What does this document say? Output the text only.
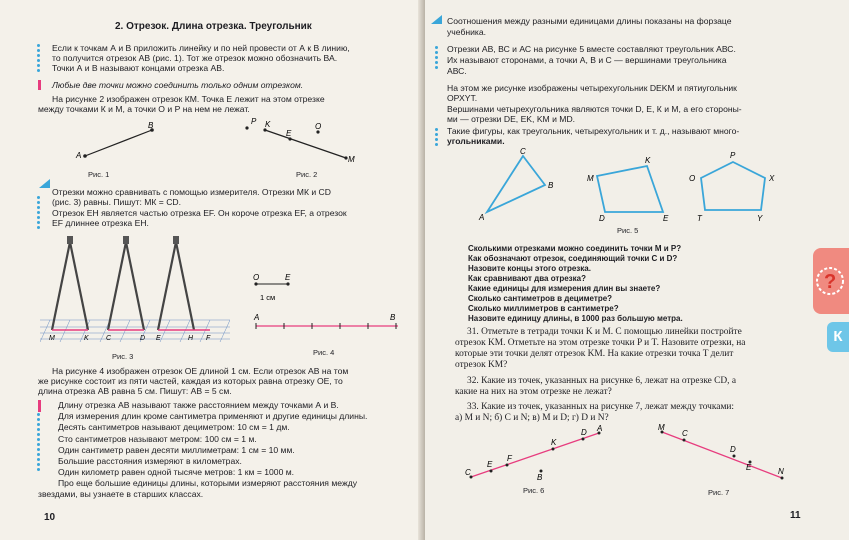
2. Отрезок. Длина отрезка. Треугольник
Если к точкам А и В приложить линейку и по ней провести от А к В линию,
то получится отрезок АВ (рис. 1). Тот же отрезок можно обозначить ВА.
Точки А и В называют концами отрезка АВ.
Любые две точки можно соединить только одним отрезком.
На рисунке 2 изображен отрезок КМ. Точка Е лежит на этом отрезке
между точками К и М, а точки О и Р на нем не лежат.
A
B	P K
E
O
M
Рис. 1	Рис. 2
Отрезки можно сравнивать с помощью измерителя. Отрезки МК и CD
(рис. 3) равны. Пишут: МК = CD.
Отрезок ЕН является частью отрезка EF. Он короче отрезка EF, а отрезок
EF длиннее отрезка ЕН.
M	K C	D E	H F
Рис. 3
O	E
1 см
A	B
Рис. 4
На рисунке 4 изображен отрезок ОЕ длиной 1 см. Если отрезок АВ на том
же рисунке состоит из пяти частей, каждая из которых равна отрезку ОЕ, то
длина отрезка АВ равна 5 см. Пишут: АВ = 5 см.
Длину отрезка АВ называют также расстоянием между точками А и В.
Для измерения длин кроме сантиметра применяют и другие единицы длины.
Десять сантиметров называют дециметром: 10 см = 1 дм.
Сто сантиметров называют метром: 100 см = 1 м.
Один сантиметр равен десяти миллиметрам: 1 см = 10 мм.
Большие расстояния измеряют в километрах.
Один километр равен одной тысяче метров: 1 км = 1000 м.
Про еще большие единицы длины, которыми измеряют расстояния между
звездами, вы узнаете в старших классах.
10
Соотношения между разными единицами длины показаны на форзаце
учебника.
Отрезки АВ, ВС и АС на рисунке 5 вместе составляют треугольник АВС.
Их называют сторонами, а точки А, В и С — вершинами треугольника
АВС.
На этом же рисунке изображены четырехугольник DEKM и пятиугольник
ОРХYТ.
Вершинами четырехугольника являются точки D, Е, К и М, а его стороны-
ми — отрезки DE, EK, KM и MD.
Такие фигуры, как треугольник, четырехугольник и т. д., называют много-
угольниками.
C
B
A
K
M
D	E
P
O	X
T	Y
Рис. 5
Сколькими отрезками можно соединить точки М и Р?
Как обозначают отрезок, соединяющий точки С и D?
Назовите концы этого отрезка.
Как сравнивают два отрезка?
Какие единицы для измерения длин вы знаете?
Сколько сантиметров в дециметре?
Сколько миллиметров в сантиметре?
Назовите единицу длины, в 1000 раз большую метра.
31. Отметьте в тетради точки K и M. С помощью линейки постройте
отрезок KM. Отметьте на этом отрезке точки P и T. Назовите отрезки, на
которые эти точки делят отрезок KM. На какие отрезки точка T делит
отрезок KM?
32. Какие из точек, указанных на рисунке 6, лежат на отрезке CD, а
какие на них на этом отрезке не лежат?
33. Какие из точек, указанных на рисунке 7, лежат между точками:
а) M и N; б) C и N; в) M и D; г) D и N?
C
E
F
B
K
D A
Рис. 6
M
C
D
E	N
Рис. 7
?
К
11
